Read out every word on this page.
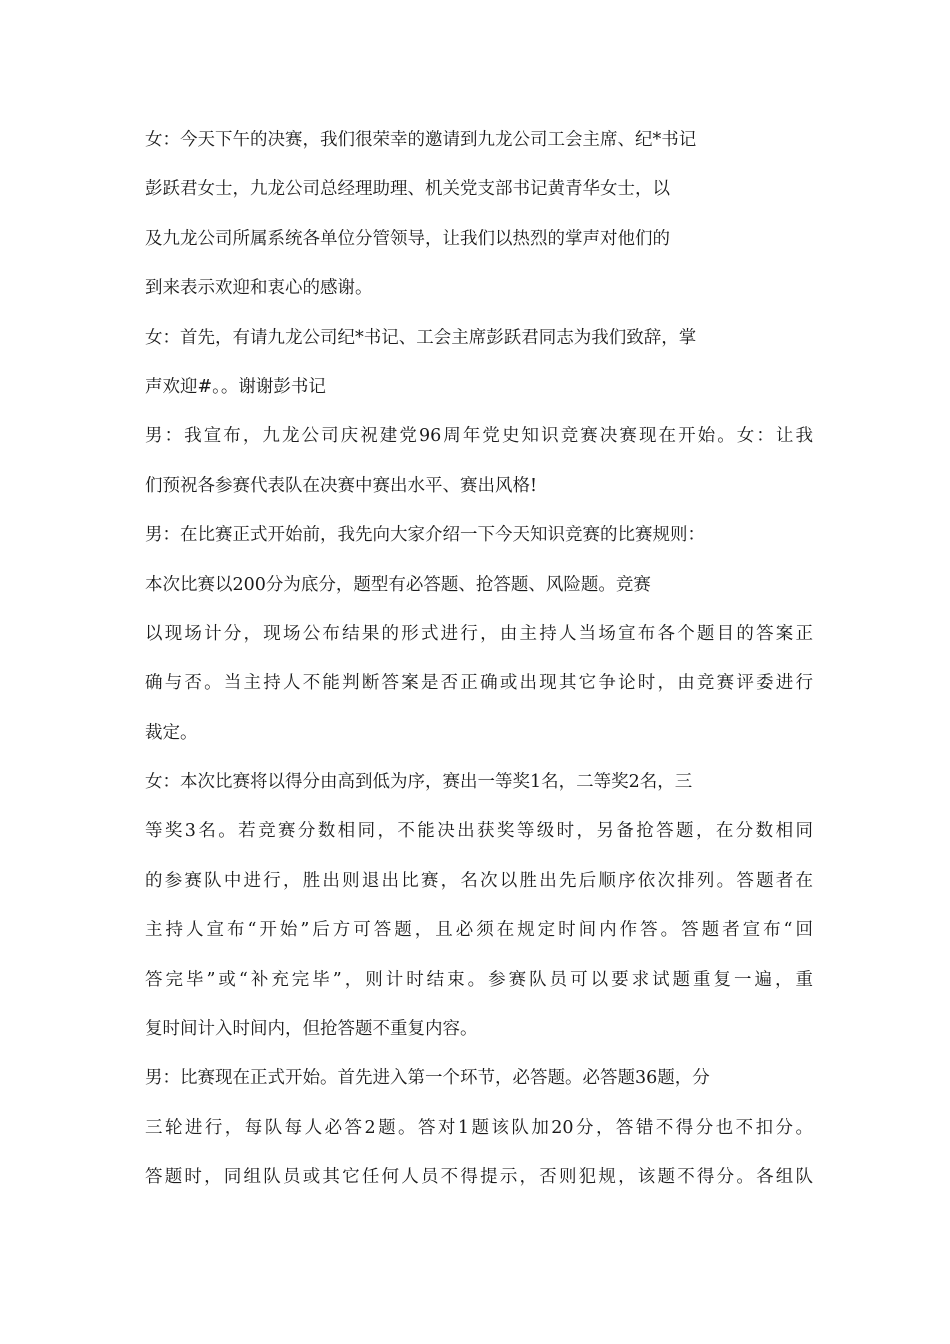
女：今天下午的决赛，我们很荣幸的邀请到九龙公司工会主席、纪*书记
彭跃君女士，九龙公司总经理助理、机关党支部书记黄青华女士，以
及九龙公司所属系统各单位分管领导，让我们以热烈的掌声对他们的
到来表示欢迎和衷心的感谢。
女：首先，有请九龙公司纪*书记、工会主席彭跃君同志为我们致辞，掌
声欢迎#。。谢谢彭书记
男：我宣布，九龙公司庆祝建党96周年党史知识竞赛决赛现在开始。女：让我
们预祝各参赛代表队在决赛中赛出水平、赛出风格!
男：在比赛正式开始前，我先向大家介绍一下今天知识竞赛的比赛规则：
本次比赛以200分为底分，题型有必答题、抢答题、风险题。竞赛
以现场计分，现场公布结果的形式进行，由主持人当场宣布各个题目的答案正
确与否。当主持人不能判断答案是否正确或出现其它争论时，由竞赛评委进行
裁定。
女：本次比赛将以得分由高到低为序，赛出一等奖1名，二等奖2名，三
等奖3名。若竞赛分数相同，不能决出获奖等级时，另备抢答题，在分数相同
的参赛队中进行，胜出则退出比赛，名次以胜出先后顺序依次排列。答题者在
主持人宣布“开始”后方可答题，且必须在规定时间内作答。答题者宣布“回
答完毕”或“补充完毕”，则计时结束。参赛队员可以要求试题重复一遍，重
复时间计入时间内，但抢答题不重复内容。
男：比赛现在正式开始。首先进入第一个环节，必答题。必答题36题，分
三轮进行，每队每人必答2题。答对1题该队加20分，答错不得分也不扣分。
答题时，同组队员或其它任何人员不得提示，否则犯规，该题不得分。各组队
